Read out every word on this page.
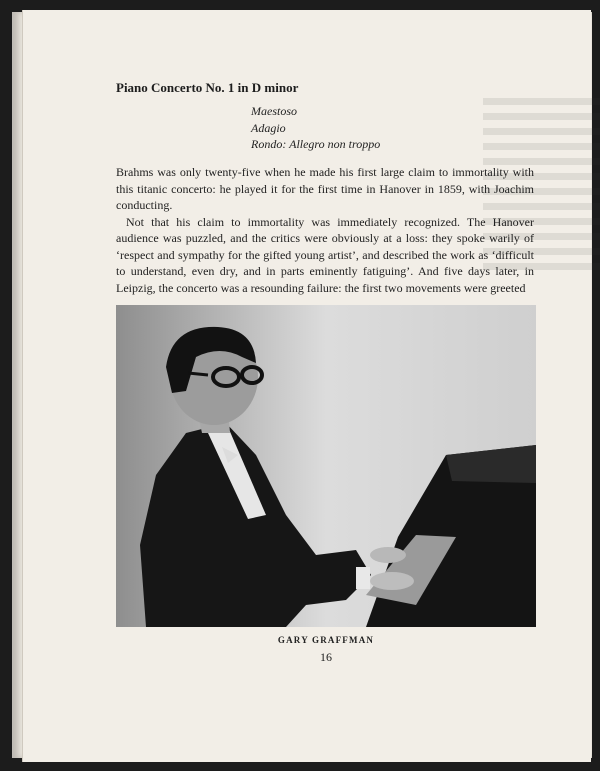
Piano Concerto No. 1 in D minor
Maestoso
Adagio
Rondo: Allegro non troppo

Brahms was only twenty-five when he made his first large claim to immortality with this titanic concerto: he played it for the first time in Hanover in 1859, with Joachim conducting.

Not that his claim to immortality was immediately recognized. The Hanover audience was puzzled, and the critics were obviously at a loss: they spoke warily of ‘respect and sympathy for the gifted young artist’, and described the work as ‘difficult to understand, even dry, and in parts eminently fatiguing’. And five days later, in Leipzig, the concerto was a resounding failure: the first two movements were greeted

GARY GRAFFMAN
16
